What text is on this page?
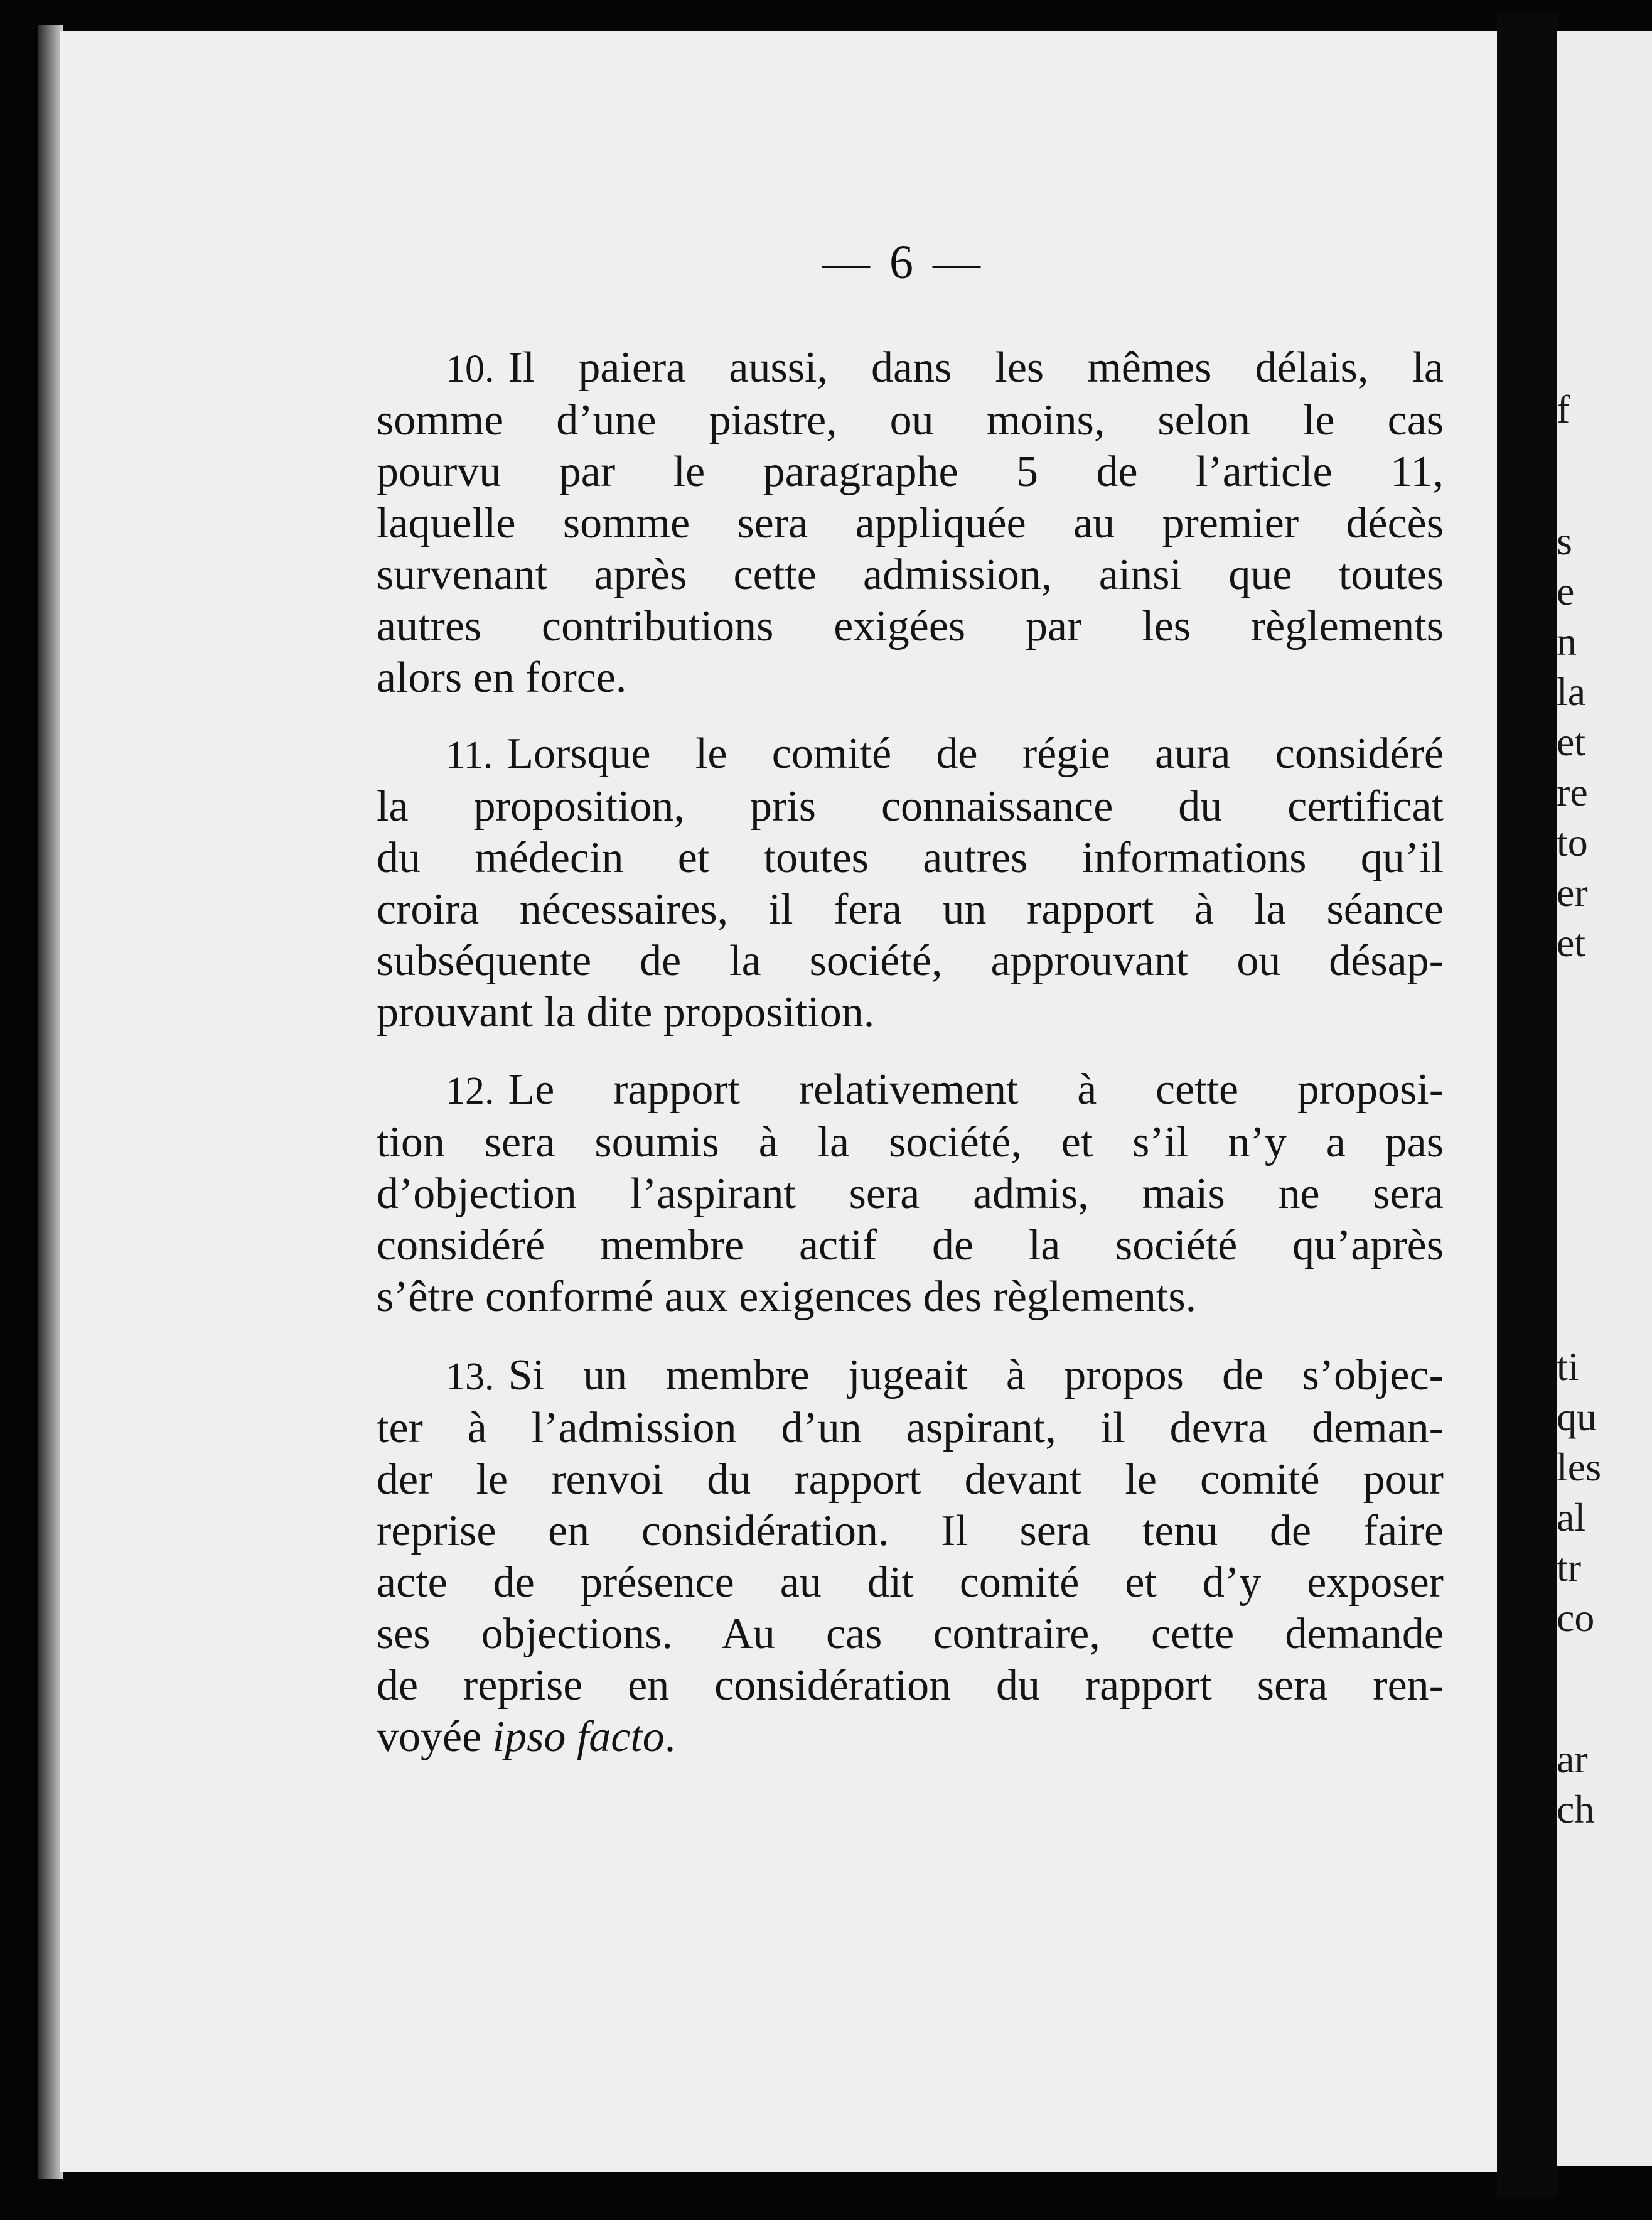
f

s

e

n

la

et

re

to

er

et

ti

qu

les

al

tr

co

ar

ch

— 6 —
10. Il paiera aussi, dans les mêmes délais, la
somme d’une piastre, ou moins, selon le cas
pourvu par le paragraphe 5 de l’article 11,
laquelle somme sera appliquée au premier décès
survenant après cette admission, ainsi que toutes
autres contributions exigées par les règlements
alors en force.
11. Lorsque le comité de régie aura considéré
la proposition, pris connaissance du certificat
du médecin et toutes autres informations qu’il
croira nécessaires, il fera un rapport à la séance
subséquente de la société, approuvant ou désap-
prouvant la dite proposition.
12. Le rapport relativement à cette proposi-
tion sera soumis à la société, et s’il n’y a pas
d’objection l’aspirant sera admis, mais ne sera
considéré membre actif de la société qu’après
s’être conformé aux exigences des règlements.
13. Si un membre jugeait à propos de s’objec-
ter à l’admission d’un aspirant, il devra deman-
der le renvoi du rapport devant le comité pour
reprise en considération. Il sera tenu de faire
acte de présence au dit comité et d’y exposer
ses objections. Au cas contraire, cette demande
de reprise en considération du rapport sera ren-
voyée ipso facto.
